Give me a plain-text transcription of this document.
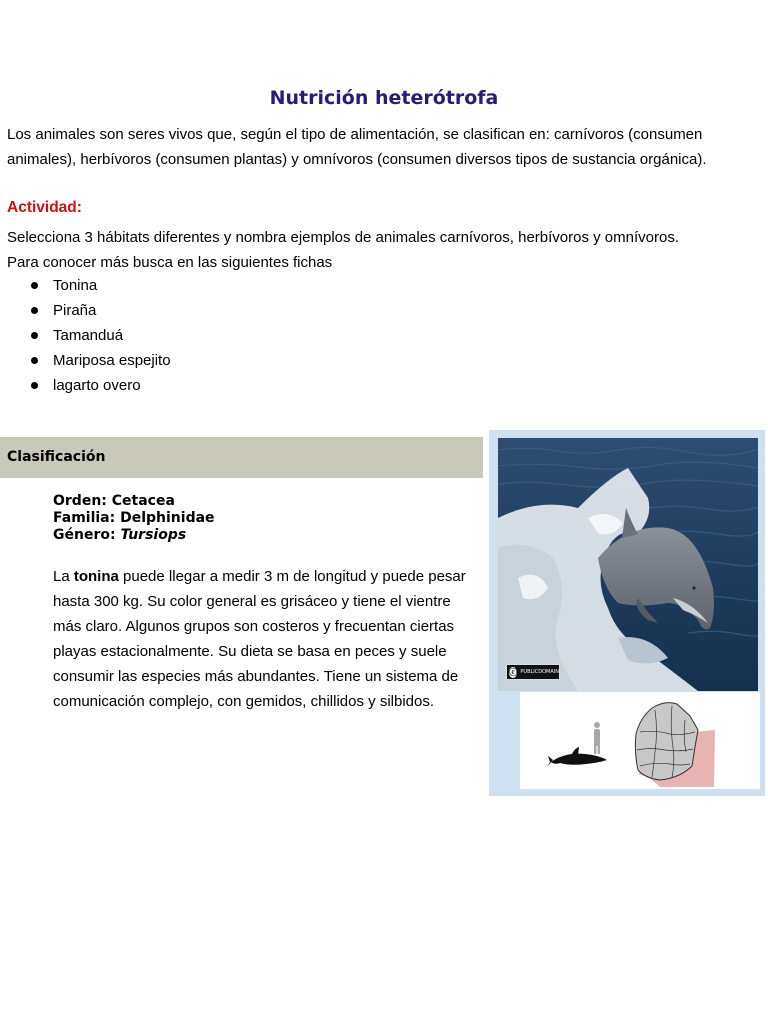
Nutrición heterótrofa
Los animales son seres vivos que, según el tipo de alimentación, se clasifican en: carnívoros (consumen animales), herbívoros (consumen plantas) y omnívoros (consumen diversos tipos de sustancia orgánica).
Actividad:
Selecciona 3 hábitats diferentes y nombra ejemplos de animales carnívoros, herbívoros y omnívoros.
Para conocer más busca en las siguientes fichas
Tonina
Piraña
Tamanduá
Mariposa espejito
lagarto overo
Clasificación
Orden: Cetacea
Familia: Delphinidae
Género: Tursiops
La tonina puede llegar a medir 3 m de longitud y puede pesar hasta 300 kg. Su color general es grisáceo y tiene el vientre más claro. Algunos grupos son costeros y frecuentan ciertas playas estacionalmente. Su dieta se basa en peces y suele consumir las especies más abundantes. Tiene un sistema de comunicación complejo, con gemidos, chillidos y silbidos.
ⓒ PUBLICDOMAIN
